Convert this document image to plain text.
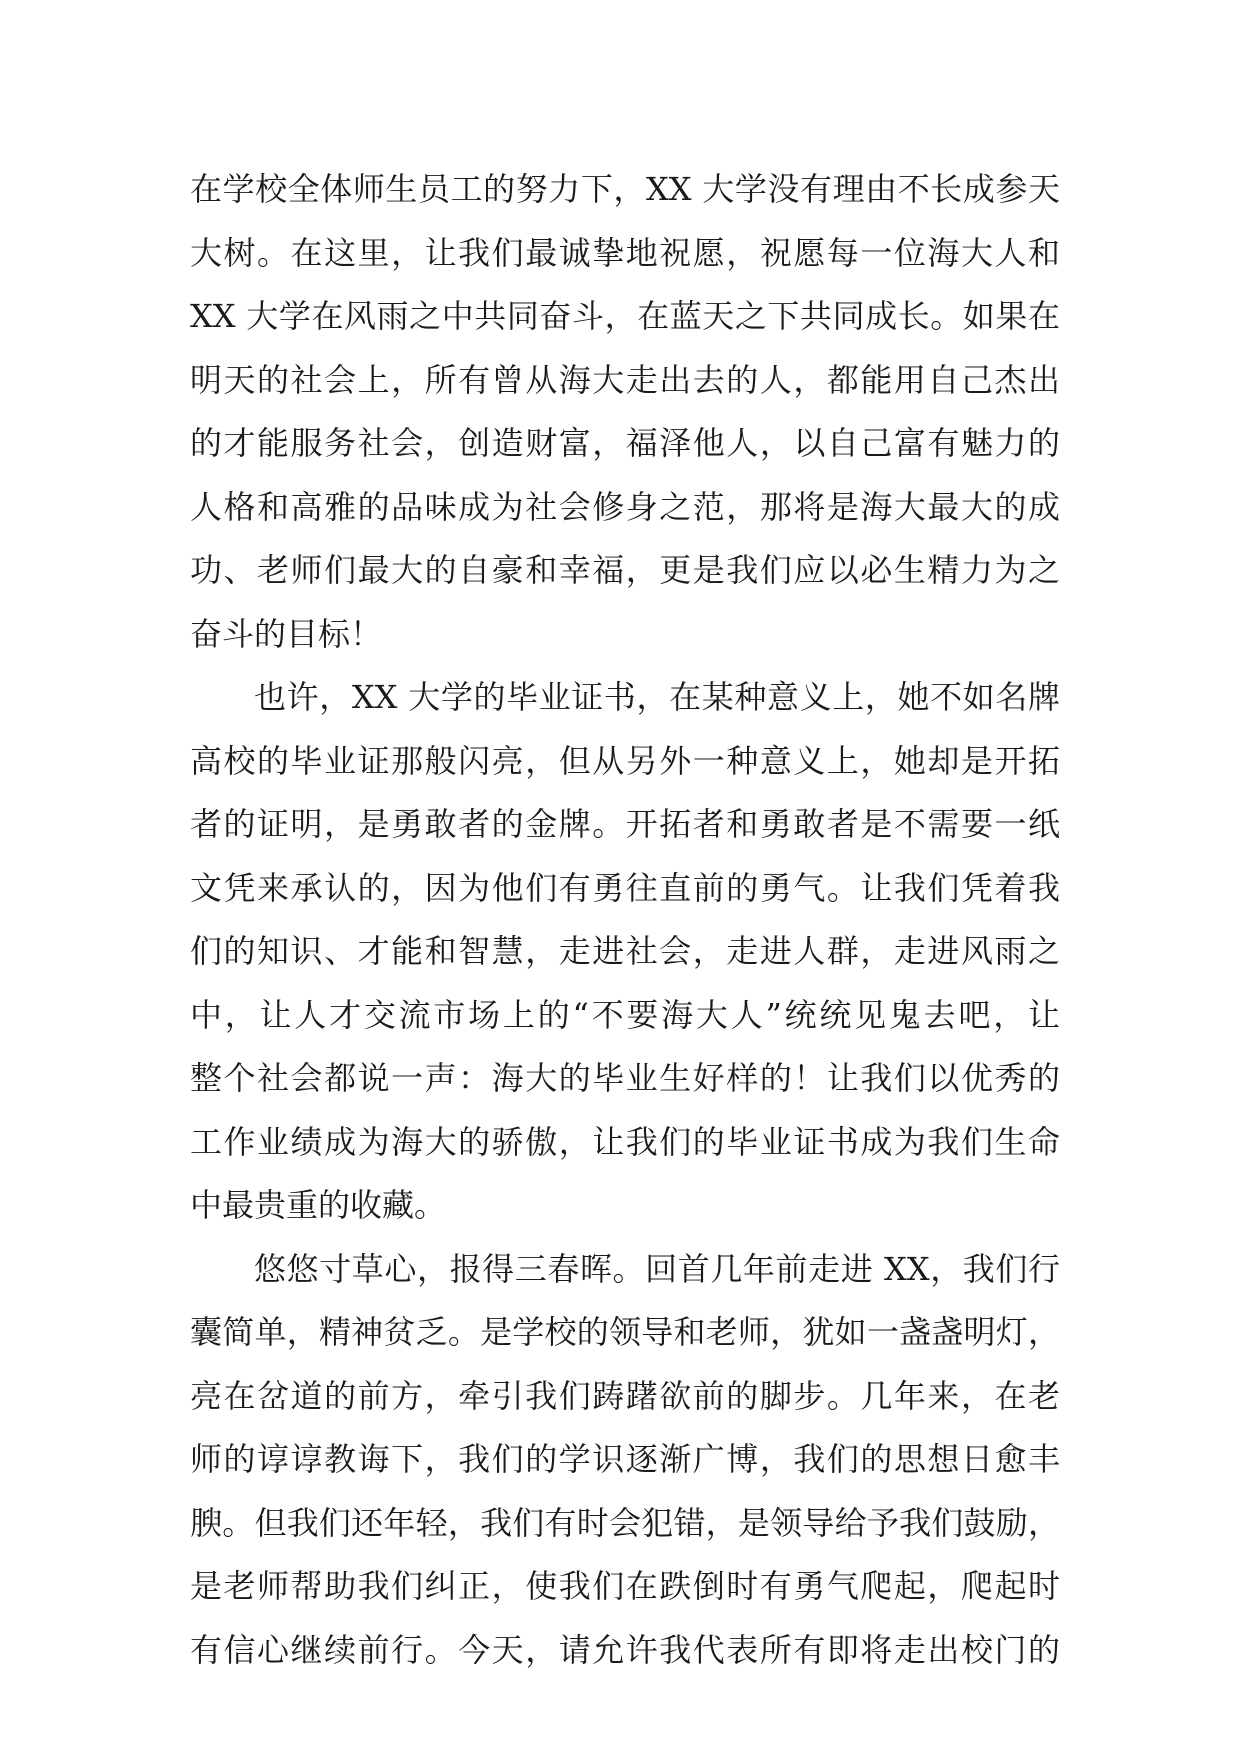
在学校全体师生员工的努力下，XX 大学没有理由不长成参天
大树。在这里，让我们最诚挚地祝愿，祝愿每一位海大人和
XX 大学在风雨之中共同奋斗，在蓝天之下共同成长。如果在
明天的社会上，所有曾从海大走出去的人，都能用自己杰出
的才能服务社会，创造财富，福泽他人，以自己富有魅力的
人格和高雅的品味成为社会修身之范，那将是海大最大的成
功、老师们最大的自豪和幸福，更是我们应以必生精力为之
奋斗的目标！
也许，XX 大学的毕业证书，在某种意义上，她不如名牌
高校的毕业证那般闪亮，但从另外一种意义上，她却是开拓
者的证明，是勇敢者的金牌。开拓者和勇敢者是不需要一纸
文凭来承认的，因为他们有勇往直前的勇气。让我们凭着我
们的知识、才能和智慧，走进社会，走进人群，走进风雨之
中，让人才交流市场上的“不要海大人”统统见鬼去吧，让
整个社会都说一声：海大的毕业生好样的！让我们以优秀的
工作业绩成为海大的骄傲，让我们的毕业证书成为我们生命
中最贵重的收藏。
悠悠寸草心，报得三春晖。回首几年前走进 XX，我们行
囊简单，精神贫乏。是学校的领导和老师，犹如一盏盏明灯，
亮在岔道的前方，牵引我们踌躇欲前的脚步。几年来，在老
师的谆谆教诲下，我们的学识逐渐广博，我们的思想日愈丰
腴。但我们还年轻，我们有时会犯错，是领导给予我们鼓励，
是老师帮助我们纠正，使我们在跌倒时有勇气爬起，爬起时
有信心继续前行。今天，请允许我代表所有即将走出校门的
